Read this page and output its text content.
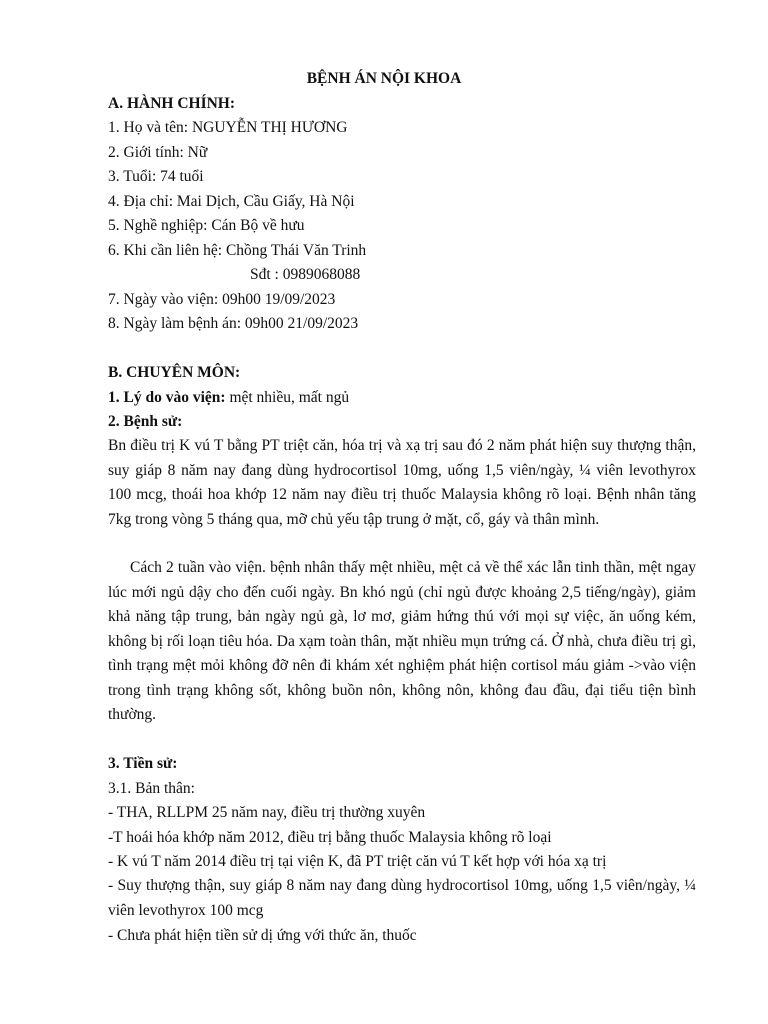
BỆNH ÁN NỘI KHOA
A. HÀNH CHÍNH:
1. Họ và tên: NGUYỄN THỊ HƯƠNG
2. Giới tính: Nữ
3. Tuổi: 74 tuổi
4. Địa chỉ: Mai Dịch, Cầu Giấy, Hà Nội
5. Nghề nghiệp: Cán Bộ về hưu
6. Khi cần liên hệ: Chồng Thái Văn Trinh
Sđt : 0989068088
7. Ngày vào viện: 09h00 19/09/2023
8. Ngày làm bệnh án: 09h00 21/09/2023
B. CHUYÊN MÔN:
1. Lý do vào viện: mệt nhiều, mất ngủ
2. Bệnh sử:

Bn điều trị K vú T bằng PT triệt căn, hóa trị và xạ trị sau đó 2 năm phát hiện suy thượng thận, suy giáp 8 năm nay đang dùng hydrocortisol 10mg, uống 1,5 viên/ngày, ¼ viên levothyrox 100 mcg, thoái hoa khớp 12 năm nay điều trị thuốc Malaysia không rõ loại. Bệnh nhân tăng 7kg trong vòng 5 tháng qua, mỡ chủ yếu tập trung ở mặt, cổ, gáy và thân mình.

Cách 2 tuần vào viện. bệnh nhân thấy mệt nhiều, mệt cả về thể xác lẫn tinh thần, mệt ngay lúc mới ngủ dậy cho đến cuối ngày. Bn khó ngủ (chỉ ngủ được khoảng 2,5 tiếng/ngày), giảm khả năng tập trung, bản ngày ngủ gà, lơ mơ, giảm hứng thú với mọi sự việc, ăn uống kém, không bị rối loạn tiêu hóa. Da xạm toàn thân, mặt nhiều mụn trứng cá. Ở nhà, chưa điều trị gì, tình trạng mệt mỏi không đỡ nên đi khám xét nghiệm phát hiện cortisol máu giảm ->vào viện trong tình trạng không sốt, không buồn nôn, không nôn, không đau đầu, đại tiểu tiện bình thường.

3. Tiền sử:
3.1. Bản thân:
- THA, RLLPM 25 năm nay, điều trị thường xuyên
-T hoái hóa khớp năm 2012, điều trị bằng thuốc Malaysia không rõ loại
- K vú T năm 2014 điều trị tại viện K, đã PT triệt căn vú T kết hợp với hóa xạ trị

- Suy thượng thận, suy giáp 8 năm nay đang dùng hydrocortisol 10mg, uống 1,5 viên/ngày, ¼ viên levothyrox 100 mcg

- Chưa phát hiện tiền sử dị ứng với thức ăn, thuốc
